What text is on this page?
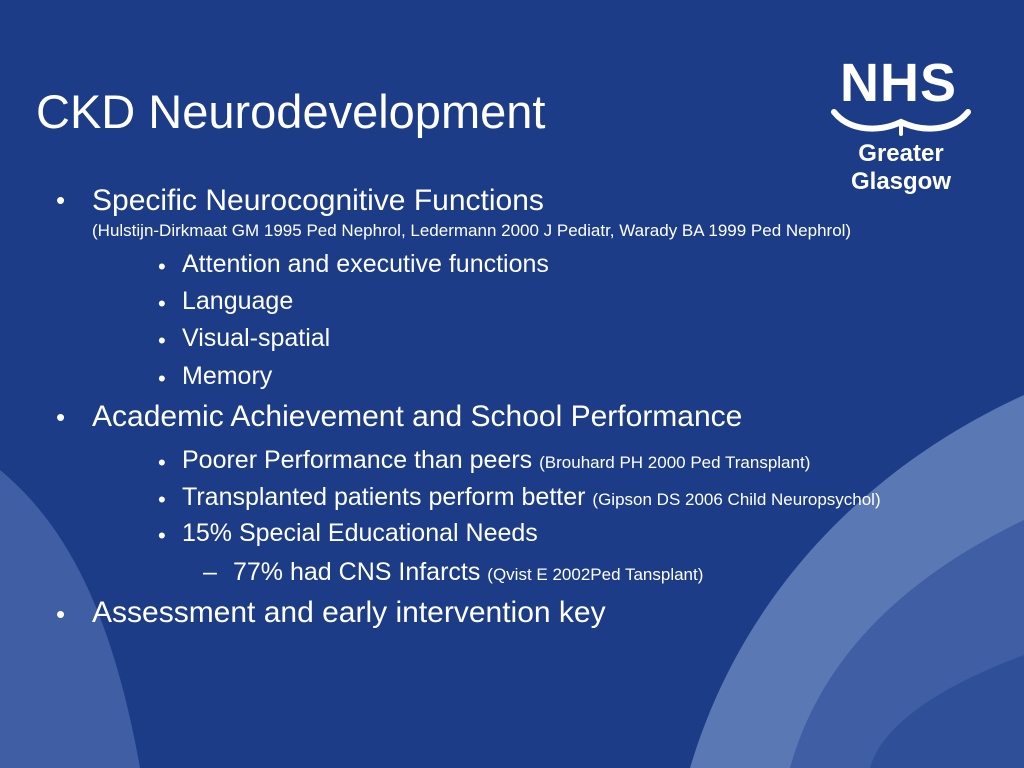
CKD Neurodevelopment	NHS
Greater
Glasgow
• Specific Neurocognitive Functions
(Hulstijn-Dirkmaat GM 1995 Ped Nephrol, Ledermann 2000 J Pediatr, Warady BA 1999 Ped Nephrol)
• Attention and executive functions
• Language
• Visual-spatial
• Memory
• Academic Achievement and School Performance
• Poorer Performance than peers (Brouhard PH 2000 Ped Transplant)
• Transplanted patients perform better (Gipson DS 2006 Child Neuropsychol)
• 15% Special Educational Needs
– 77% had CNS Infarcts (Qvist E 2002Ped Tansplant)
• Assessment and early intervention key
